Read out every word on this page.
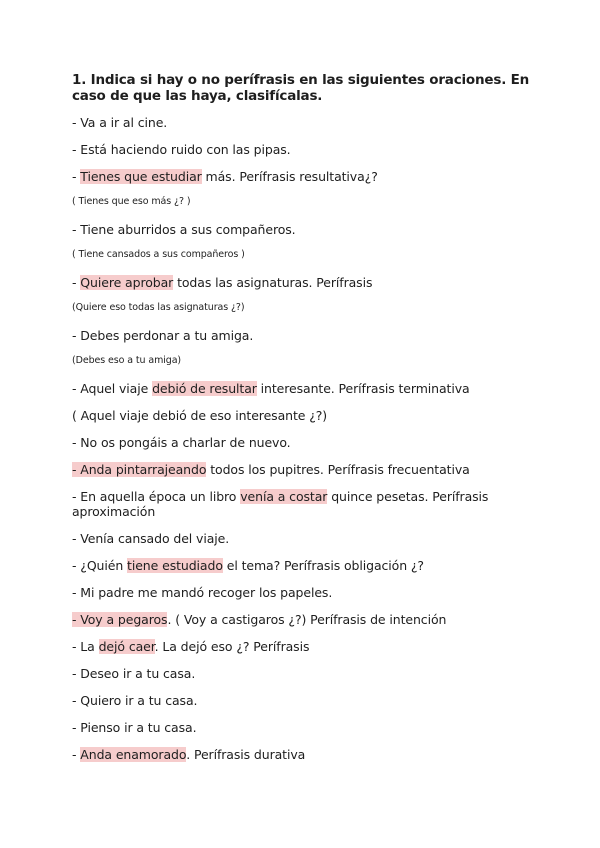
1. Indica si hay o no perífrasis en las siguientes oraciones. En caso de que las haya, clasifícalas.

- Va a ir al cine.

- Está haciendo ruido con las pipas.

- Tienes que estudiar más. Perífrasis resultativa¿?

( Tienes que eso más ¿? )

- Tiene aburridos a sus compañeros.

( Tiene cansados a sus compañeros )

- Quiere aprobar todas las asignaturas. Perífrasis

(Quiere eso todas las asignaturas ¿?)

- Debes perdonar a tu amiga.

(Debes eso a tu amiga)

- Aquel viaje debió de resultar interesante. Perífrasis terminativa

( Aquel viaje debió de eso interesante ¿?)

- No os pongáis a charlar de nuevo.

- Anda pintarrajeando todos los pupitres. Perífrasis frecuentativa

- En aquella época un libro venía a costar quince pesetas. Perífrasis aproximación

- Venía cansado del viaje.

- ¿Quién tiene estudiado el tema? Perífrasis obligación ¿?

- Mi padre me mandó recoger los papeles.

- Voy a pegaros. ( Voy a castigaros ¿?) Perífrasis de intención

- La dejó caer. La dejó eso ¿? Perífrasis

- Deseo ir a tu casa.

- Quiero ir a tu casa.

- Pienso ir a tu casa.

- Anda enamorado. Perífrasis durativa
